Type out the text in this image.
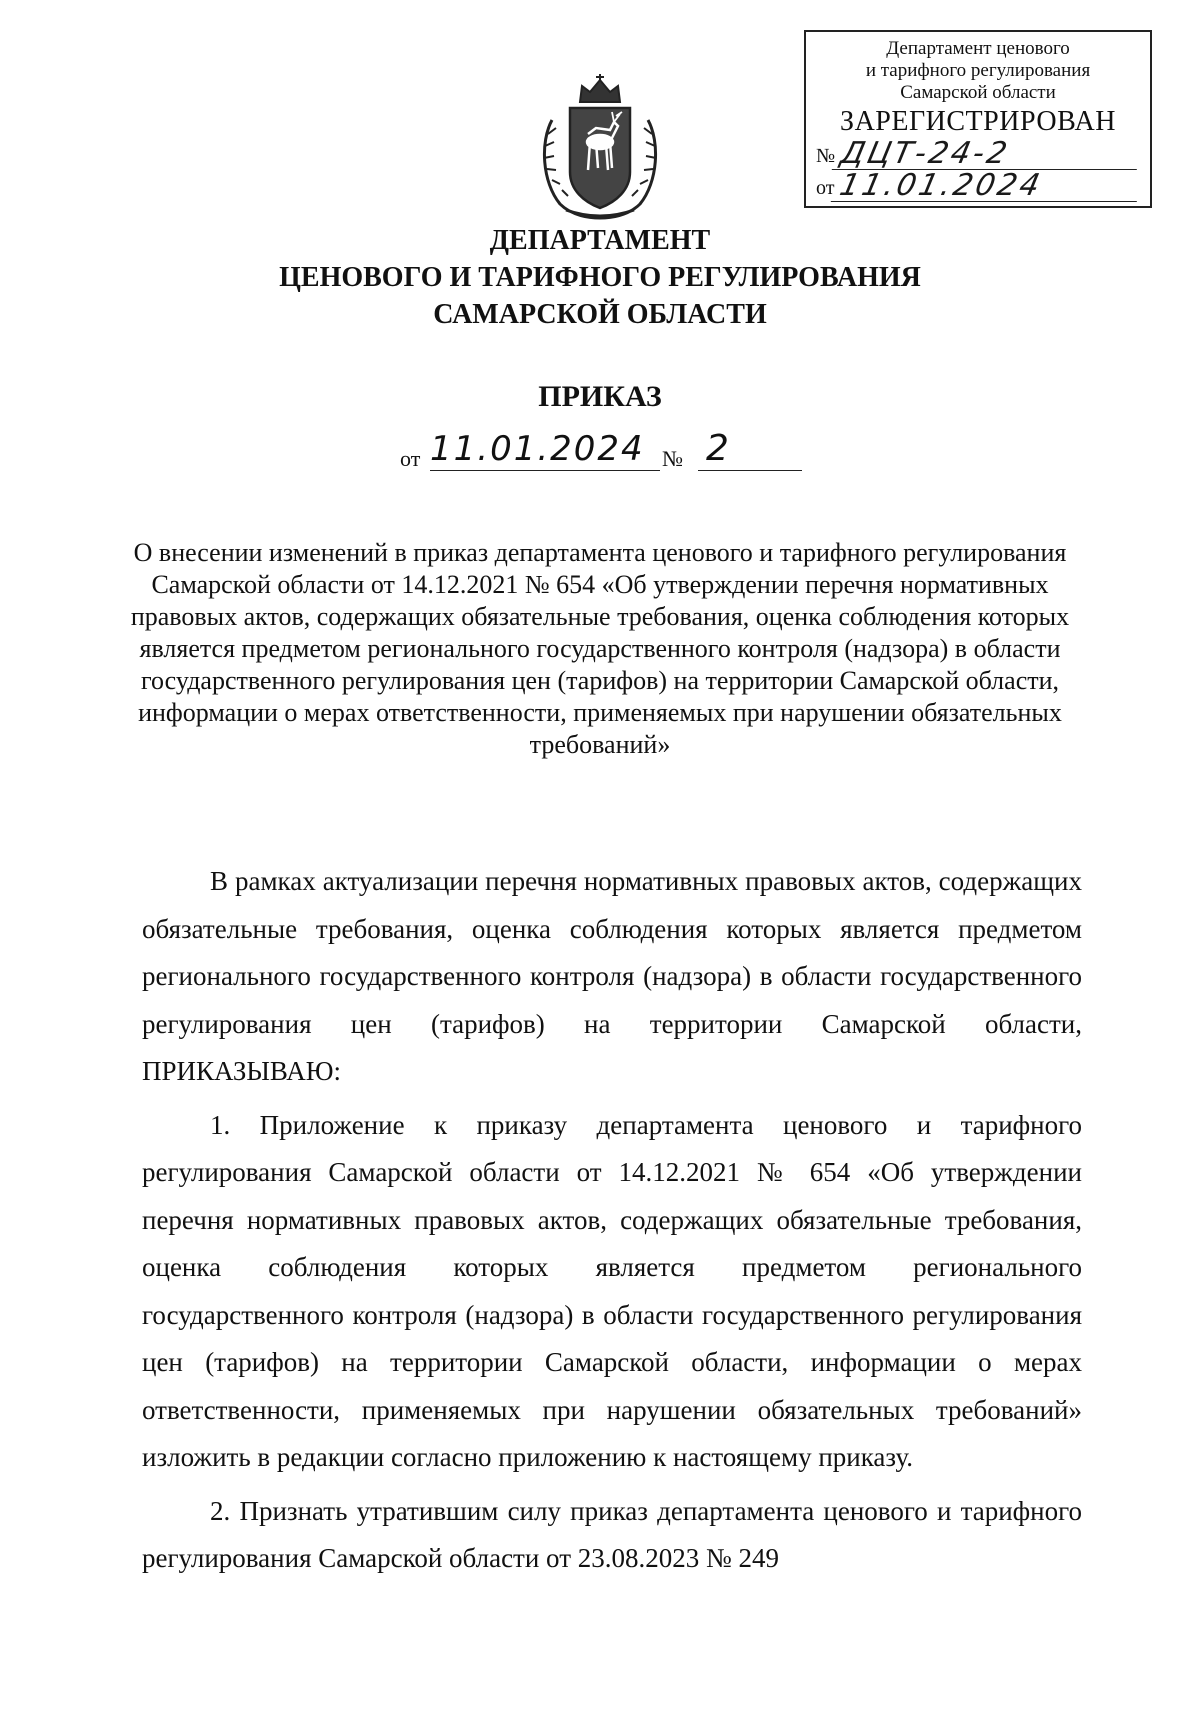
Департамент ценового
и тарифного регулирования
Самарской области
ЗАРЕГИСТРИРОВАН
№ ДЦТ-24-2
от 11.01.2024
ДЕПАРТАМЕНТ
ЦЕНОВОГО И ТАРИФНОГО РЕГУЛИРОВАНИЯ
САМАРСКОЙ ОБЛАСТИ
ПРИКАЗ
от 11.01.2024 № 2
О внесении изменений в приказ департамента ценового и тарифного регулирования Самарской области от 14.12.2021 № 654 «Об утверждении перечня нормативных правовых актов, содержащих обязательные требования, оценка соблюдения которых является предметом регионального государственного контроля (надзора) в области государственного регулирования цен (тарифов) на территории Самарской области, информации о мерах ответственности, применяемых при нарушении обязательных требований»

В рамках актуализации перечня нормативных правовых актов, содержащих обязательные требования, оценка соблюдения которых является предметом регионального государственного контроля (надзора) в области государственного регулирования цен (тарифов) на территории Самарской области, ПРИКАЗЫВАЮ:

1. Приложение к приказу департамента ценового и тарифного регулирования Самарской области от 14.12.2021 № 654 «Об утверждении перечня нормативных правовых актов, содержащих обязательные требования, оценка соблюдения которых является предметом регионального государственного контроля (надзора) в области государственного регулирования цен (тарифов) на территории Самарской области, информации о мерах ответственности, применяемых при нарушении обязательных требований» изложить в редакции согласно приложению к настоящему приказу.

2. Признать утратившим силу приказ департамента ценового и тарифного регулирования Самарской области от 23.08.2023 № 249
